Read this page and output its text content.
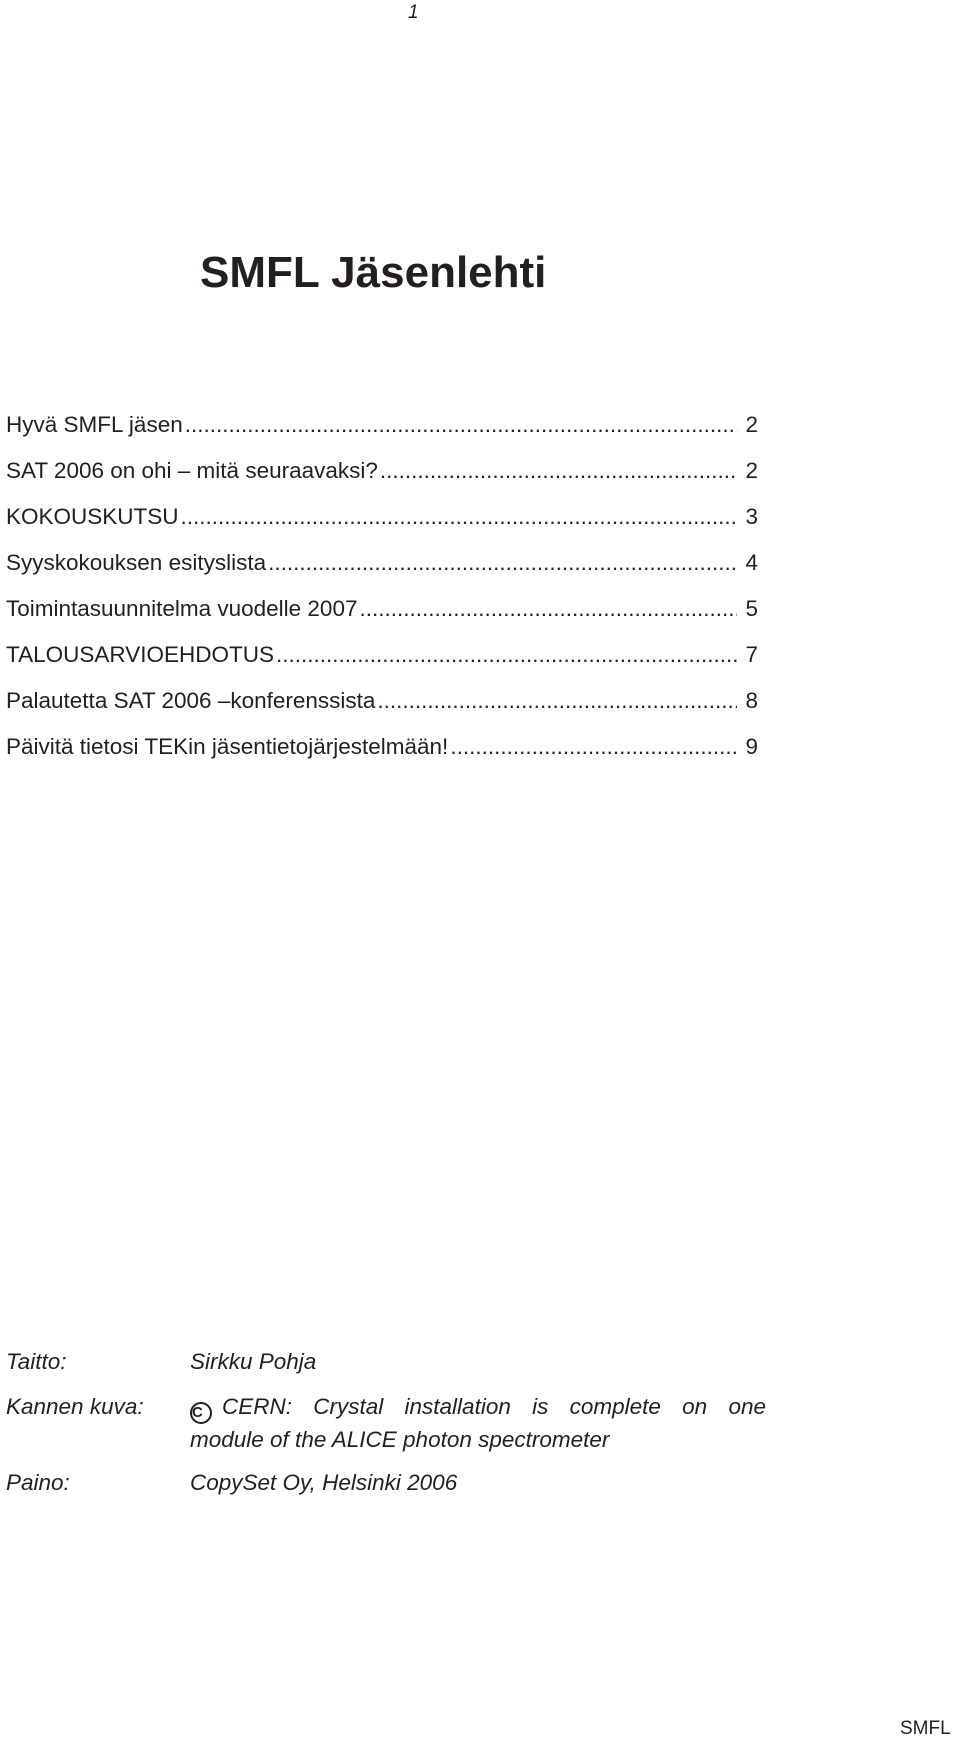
1
SMFL Jäsenlehti
Hyvä SMFL jäsen .....	2
SAT 2006 on ohi – mitä seuraavaksi? .....	2
KOKOUSKUTSU .....	3
Syyskokouksen esityslista .....	4
Toimintasuunnitelma vuodelle 2007 .....	5
TALOUSARVIOEHDOTUS .....	7
Palautetta SAT 2006 –konferenssista .....	8
Päivitä tietosi TEKin jäsentietojärjestelmään! .....	9
Taitto:	Sirkku Pohja
Kannen kuva:	C CERN: Crystal installation is complete on one
module of the ALICE photon spectrometer
Paino:	CopySet Oy, Helsinki 2006
SMFL
